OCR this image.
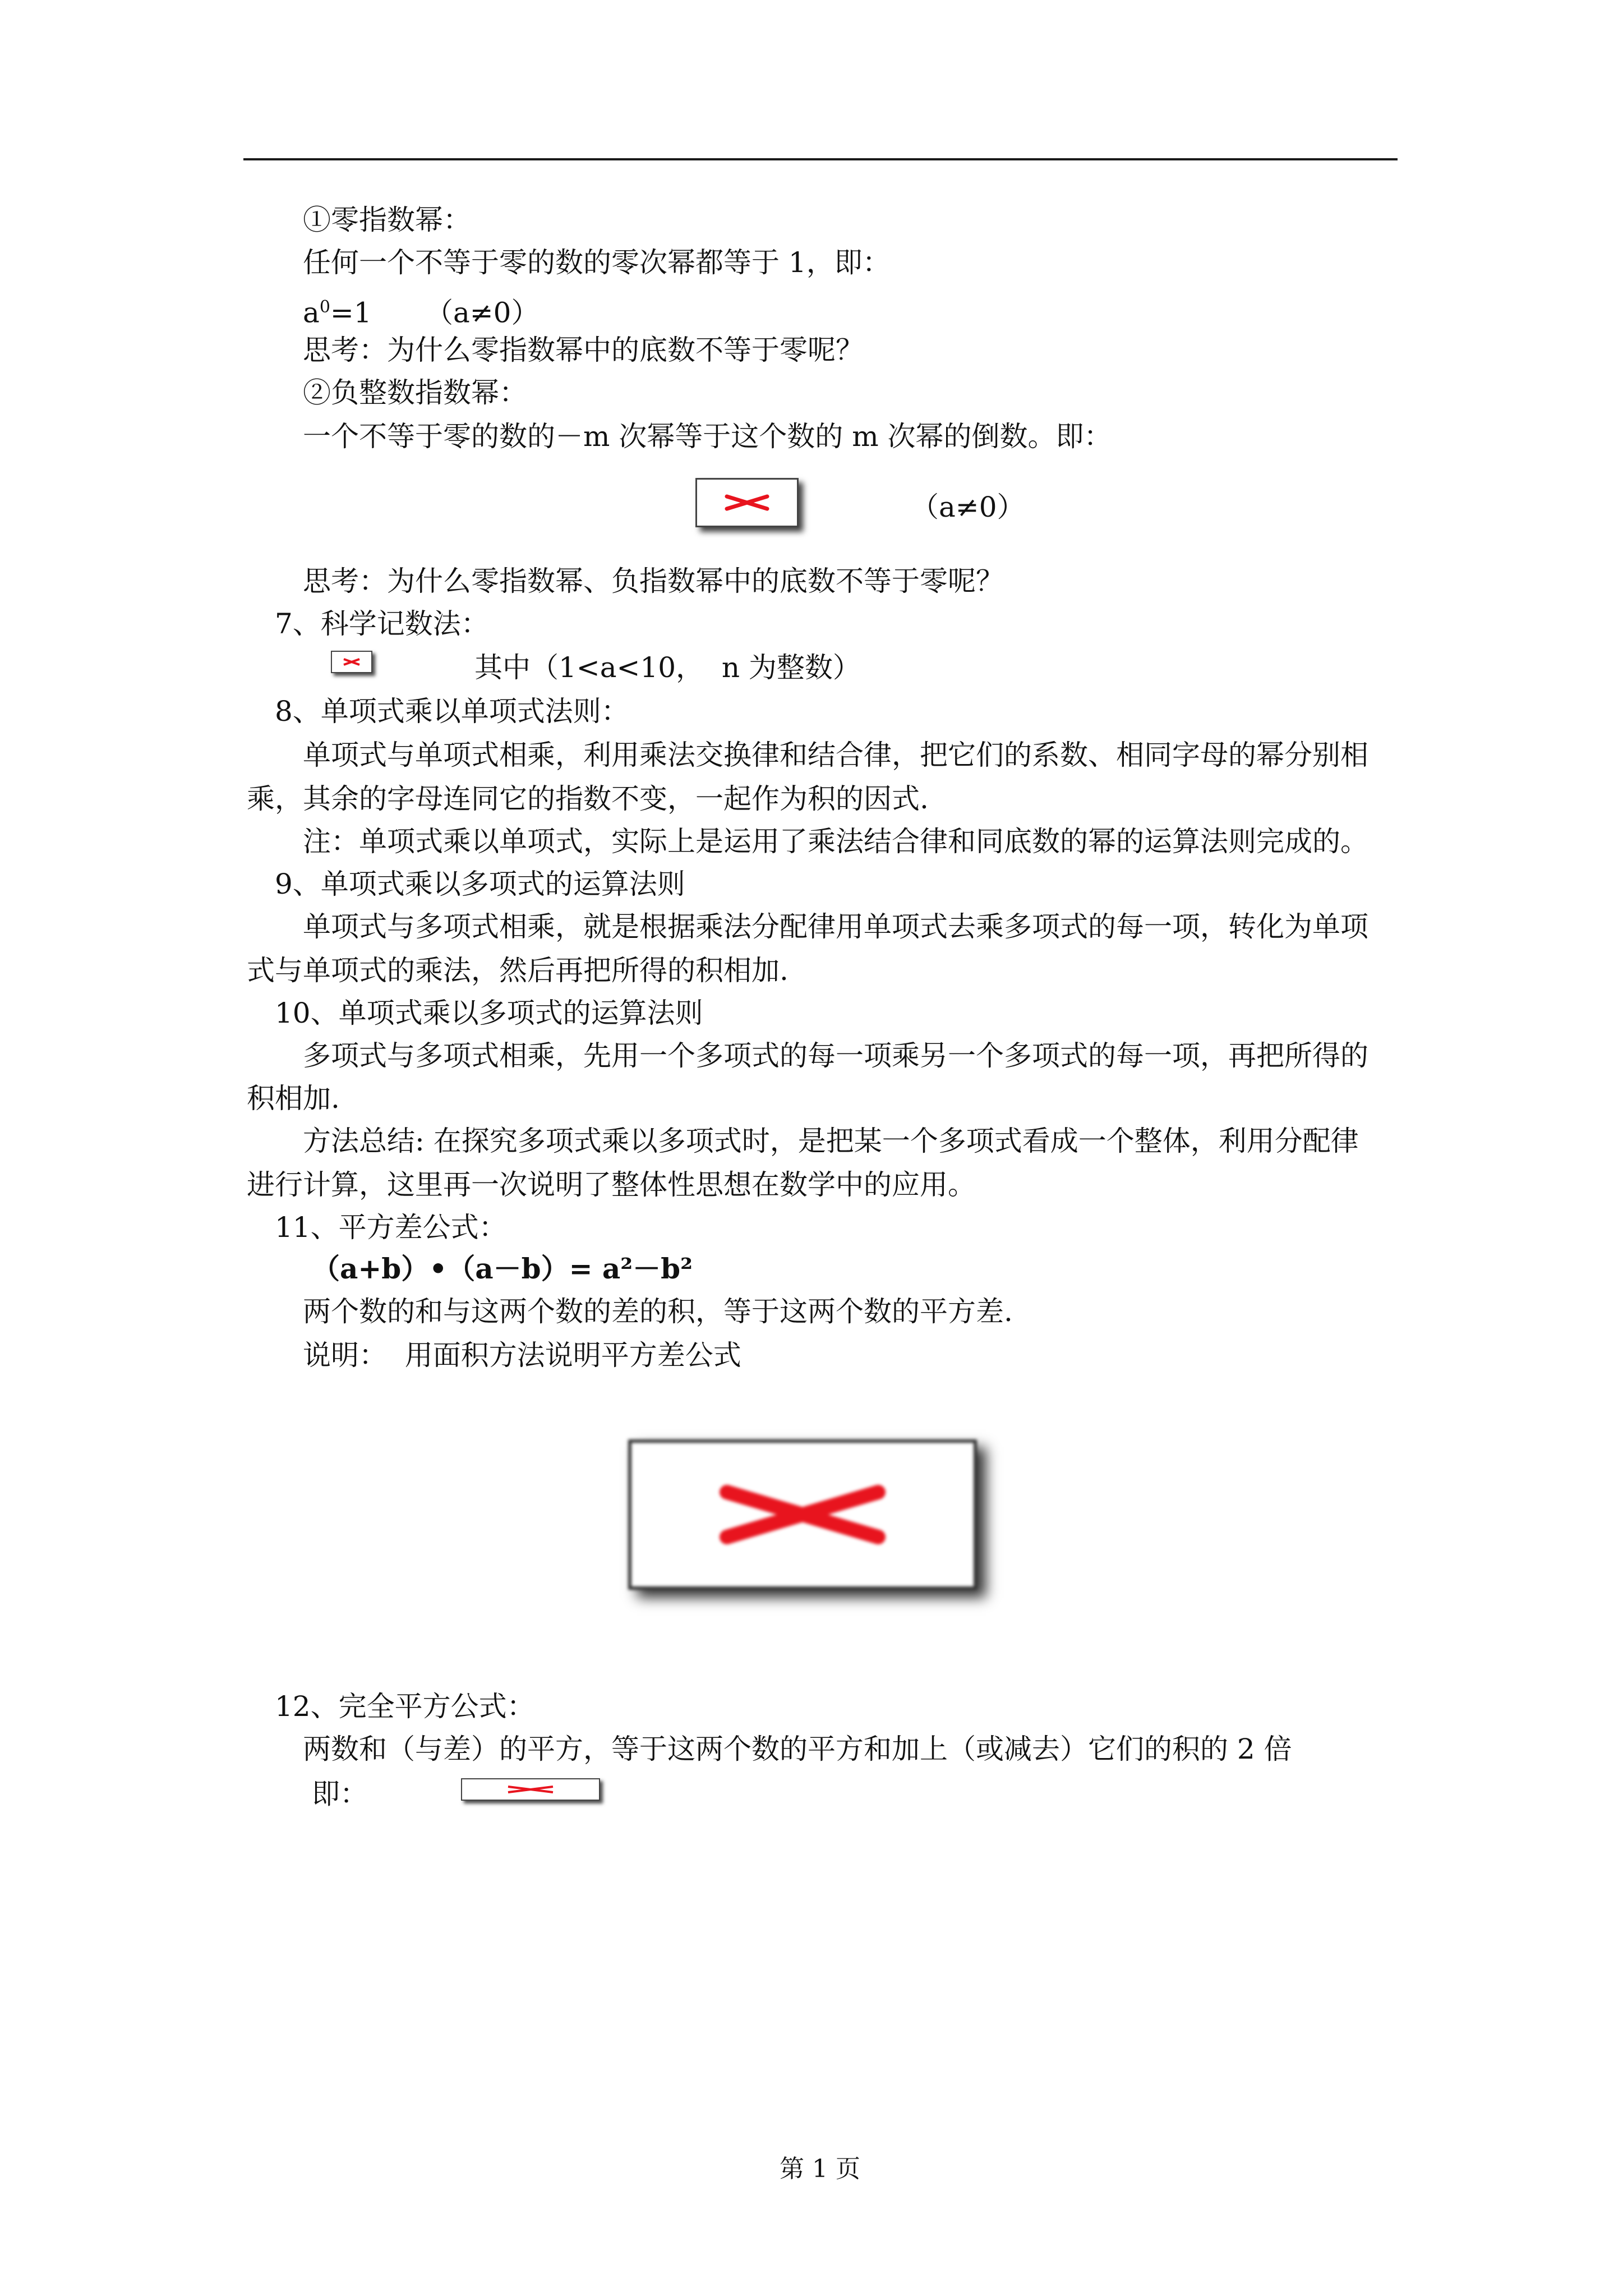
①零指数幂：
任何一个不等于零的数的零次幂都等于 1，即：
$a^0=1$      （a≠0）
思考：为什么零指数幂中的底数不等于零呢？
②负整数指数幂：
一个不等于零的数的－m 次幂等于这个数的 m 次幂的倒数。即：
（a≠0）
思考：为什么零指数幂、负指数幂中的底数不等于零呢？
7、科学记数法：
其中（1<a<10，  n 为整数）
8、单项式乘以单项式法则：
单项式与单项式相乘，利用乘法交换律和结合律，把它们的系数、相同字母的幂分别相
乘，其余的字母连同它的指数不变，一起作为积的因式.
注：单项式乘以单项式，实际上是运用了乘法结合律和同底数的幂的运算法则完成的。
9、单项式乘以多项式的运算法则
单项式与多项式相乘，就是根据乘法分配律用单项式去乘多项式的每一项，转化为单项
式与单项式的乘法，然后再把所得的积相加.
10、单项式乘以多项式的运算法则
多项式与多项式相乘，先用一个多项式的每一项乘另一个多项式的每一项，再把所得的
积相加.
方法总结: 在探究多项式乘以多项式时，是把某一个多项式看成一个整体，利用分配律
进行计算，这里再一次说明了整体性思想在数学中的应用。
11、平方差公式：
（a+b）•（a－b）= a²－b²
两个数的和与这两个数的差的积，等于这两个数的平方差.
说明：  用面积方法说明平方差公式
12、完全平方公式：
两数和（与差）的平方，等于这两个数的平方和加上（或减去）它们的积的 2 倍
即：
第 1 页
